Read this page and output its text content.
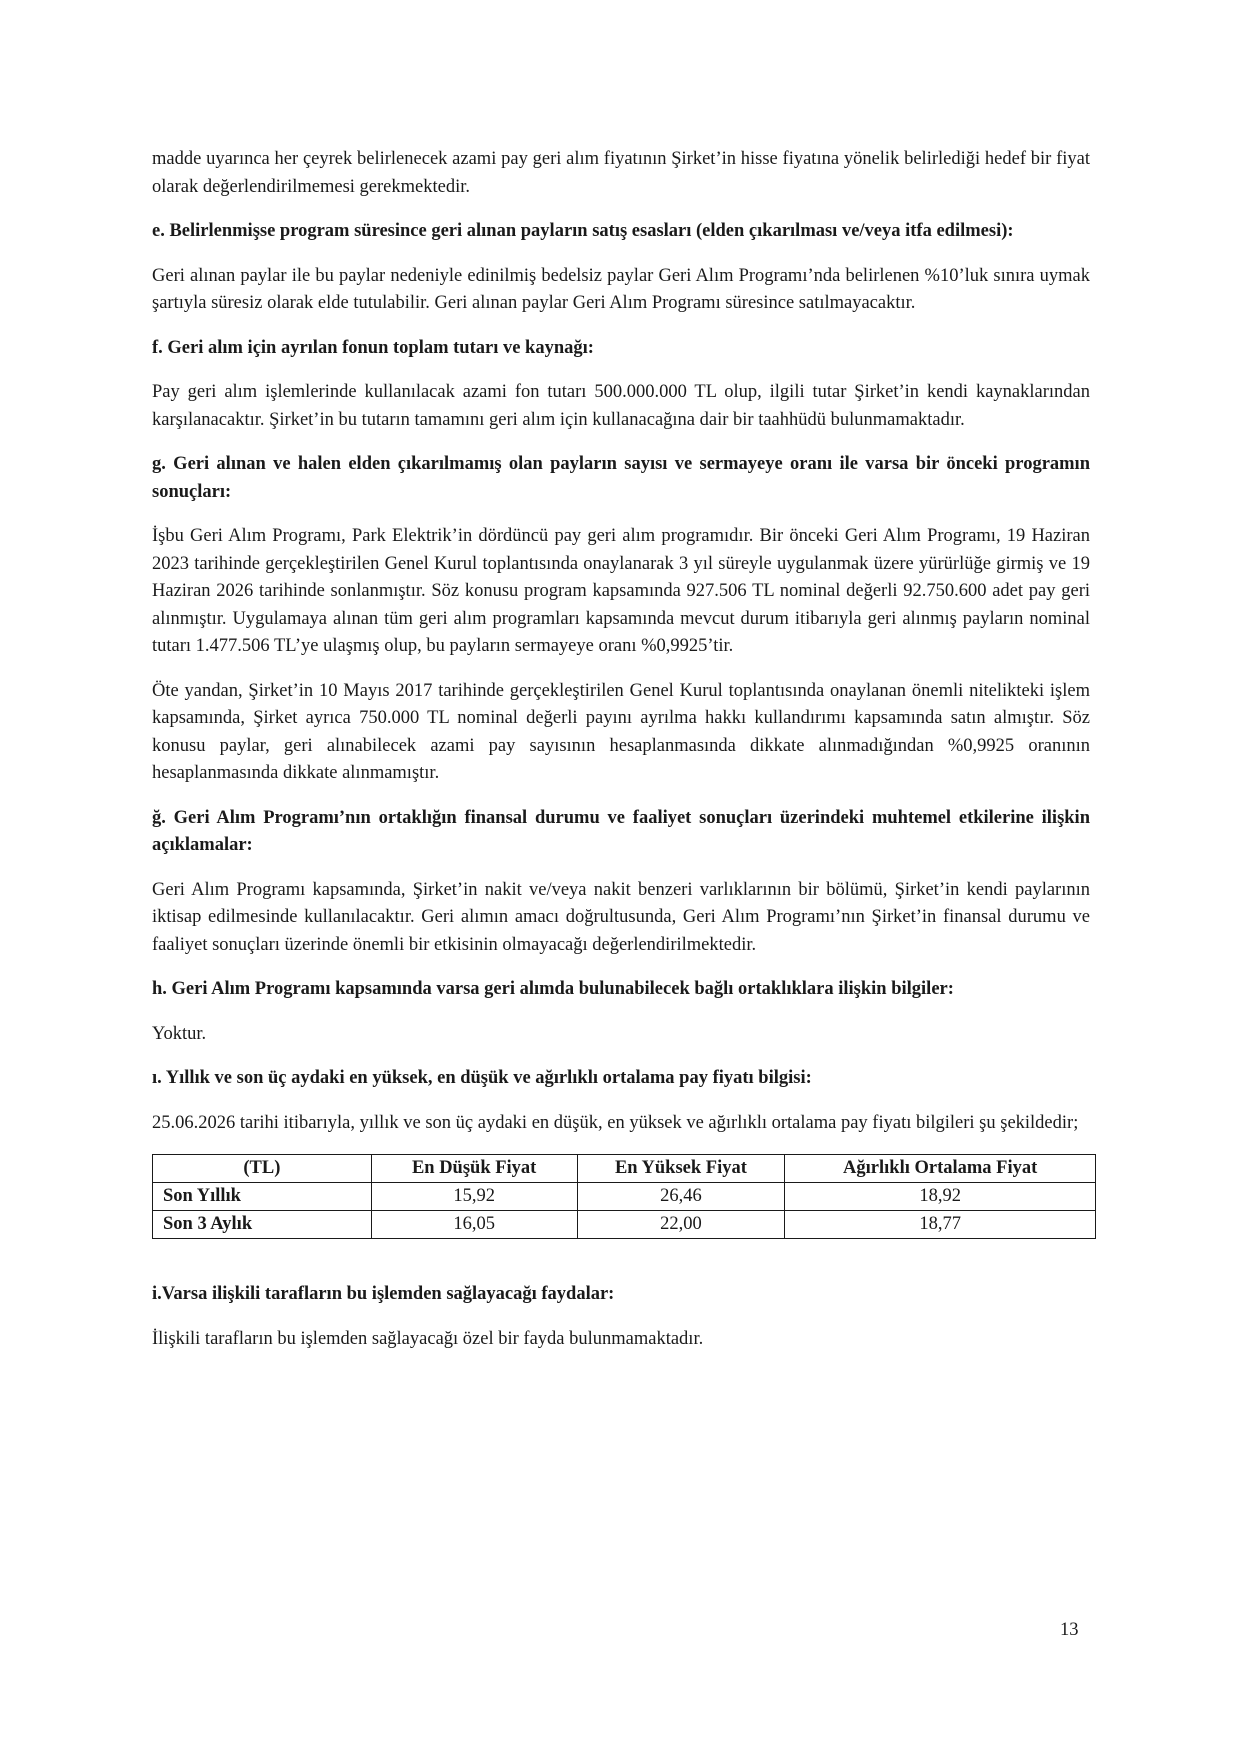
madde uyarınca her çeyrek belirlenecek azami pay geri alım fiyatının Şirket’in hisse fiyatına yönelik belirlediği hedef bir fiyat olarak değerlendirilmemesi gerekmektedir.

e. Belirlenmişse program süresince geri alınan payların satış esasları (elden çıkarılması ve/veya itfa edilmesi):

Geri alınan paylar ile bu paylar nedeniyle edinilmiş bedelsiz paylar Geri Alım Programı’nda belirlenen %10’luk sınıra uymak şartıyla süresiz olarak elde tutulabilir. Geri alınan paylar Geri Alım Programı süresince satılmayacaktır.

f. Geri alım için ayrılan fonun toplam tutarı ve kaynağı:

Pay geri alım işlemlerinde kullanılacak azami fon tutarı 500.000.000 TL olup, ilgili tutar Şirket’in kendi kaynaklarından karşılanacaktır. Şirket’in bu tutarın tamamını geri alım için kullanacağına dair bir taahhüdü bulunmamaktadır.

g. Geri alınan ve halen elden çıkarılmamış olan payların sayısı ve sermayeye oranı ile varsa bir önceki programın sonuçları:

İşbu Geri Alım Programı, Park Elektrik’in dördüncü pay geri alım programıdır. Bir önceki Geri Alım Programı, 19 Haziran 2023 tarihinde gerçekleştirilen Genel Kurul toplantısında onaylanarak 3 yıl süreyle uygulanmak üzere yürürlüğe girmiş ve 19 Haziran 2026 tarihinde sonlanmıştır. Söz konusu program kapsamında 927.506 TL nominal değerli 92.750.600 adet pay geri alınmıştır. Uygulamaya alınan tüm geri alım programları kapsamında mevcut durum itibarıyla geri alınmış payların nominal tutarı 1.477.506 TL’ye ulaşmış olup, bu payların sermayeye oranı %0,9925’tir.

Öte yandan, Şirket’in 10 Mayıs 2017 tarihinde gerçekleştirilen Genel Kurul toplantısında onaylanan önemli nitelikteki işlem kapsamında, Şirket ayrıca 750.000 TL nominal değerli payını ayrılma hakkı kullandırımı kapsamında satın almıştır. Söz konusu paylar, geri alınabilecek azami pay sayısının hesaplanmasında dikkate alınmadığından %0,9925 oranının hesaplanmasında dikkate alınmamıştır.

ğ. Geri Alım Programı’nın ortaklığın finansal durumu ve faaliyet sonuçları üzerindeki muhtemel etkilerine ilişkin açıklamalar:

Geri Alım Programı kapsamında, Şirket’in nakit ve/veya nakit benzeri varlıklarının bir bölümü, Şirket’in kendi paylarının iktisap edilmesinde kullanılacaktır. Geri alımın amacı doğrultusunda, Geri Alım Programı’nın Şirket’in finansal durumu ve faaliyet sonuçları üzerinde önemli bir etkisinin olmayacağı değerlendirilmektedir.

h. Geri Alım Programı kapsamında varsa geri alımda bulunabilecek bağlı ortaklıklara ilişkin bilgiler:

Yoktur.

ı. Yıllık ve son üç aydaki en yüksek, en düşük ve ağırlıklı ortalama pay fiyatı bilgisi:

25.06.2026 tarihi itibarıyla, yıllık ve son üç aydaki en düşük, en yüksek ve ağırlıklı ortalama pay fiyatı bilgileri şu şekildedir;

(TL)	En Düşük Fiyat	En Yüksek Fiyat	Ağırlıklı Ortalama Fiyat
Son Yıllık	15,92	26,46	18,92
Son 3 Aylık	16,05	22,00	18,77

i.Varsa ilişkili tarafların bu işlemden sağlayacağı faydalar:

İlişkili tarafların bu işlemden sağlayacağı özel bir fayda bulunmamaktadır.

13
